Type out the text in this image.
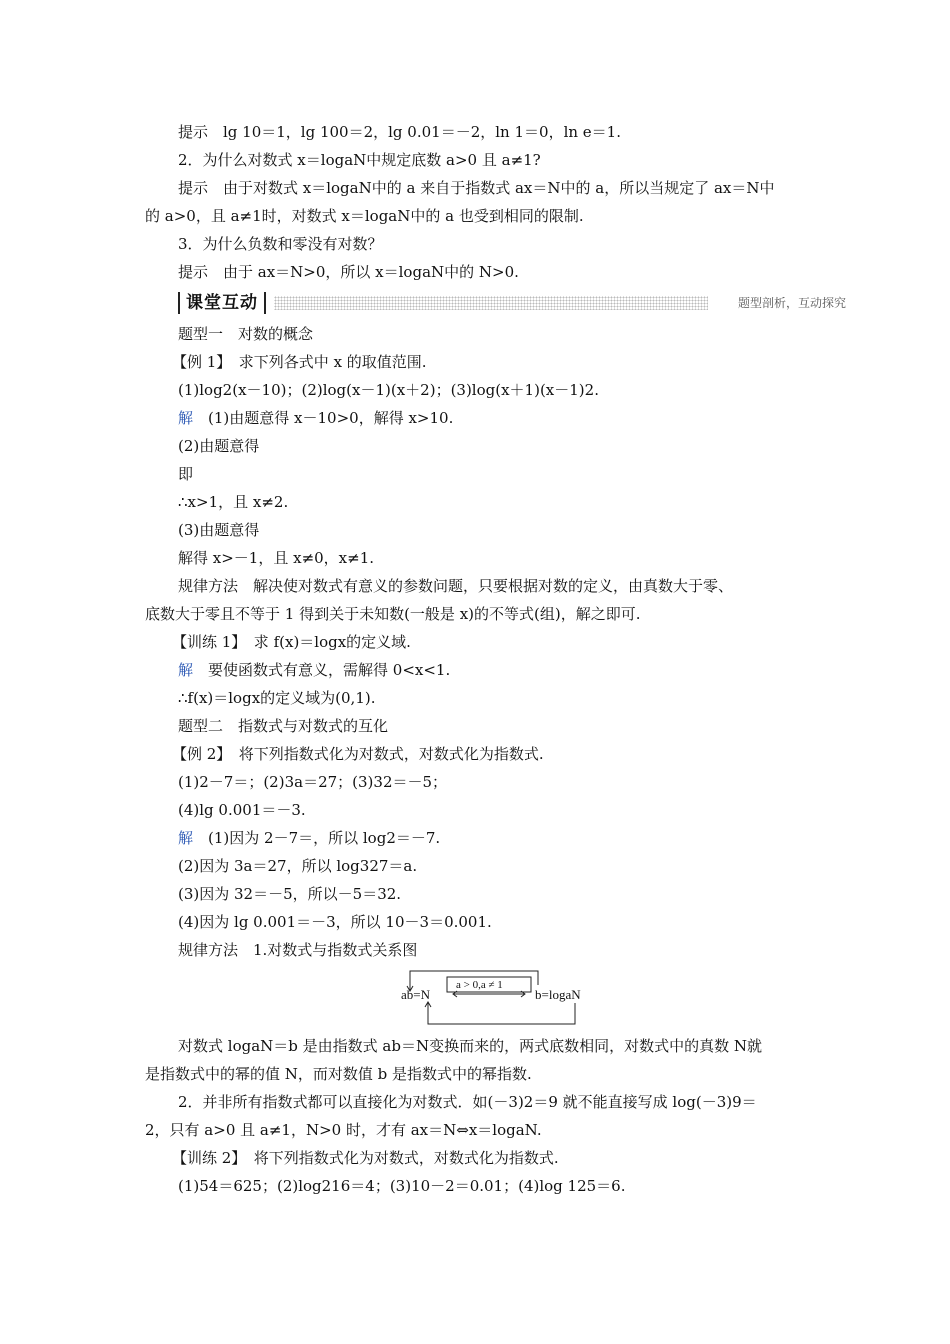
提示　lg 10＝1，lg 100＝2，lg 0.01＝－2，ln 1＝0，ln e＝1.
2．为什么对数式 x＝logaN中规定底数 a>0 且 a≠1?
提示　由于对数式 x＝logaN中的 a 来自于指数式 ax＝N中的 a，所以当规定了 ax＝N中
的 a>0，且 a≠1时，对数式 x＝logaN中的 a 也受到相同的限制.
3．为什么负数和零没有对数？
提示　由于 ax＝N>0，所以 x＝logaN中的 N>0.
课堂互动	题型剖析，互动探究
题型一　对数的概念
【例 1】　求下列各式中 x 的取值范围.
(1)log2(x－10)；(2)log(x－1)(x＋2)；(3)log(x＋1)(x－1)2.
解　(1)由题意得 x－10>0，解得 x>10.
(2)由题意得
即
∴x>1，且 x≠2.
(3)由题意得
解得 x>－1，且 x≠0，x≠1.
规律方法　解决使对数式有意义的参数问题，只要根据对数的定义，由真数大于零、
底数大于零且不等于 1 得到关于未知数(一般是 x)的不等式(组)，解之即可.
【训练 1】　求 f(x)＝logx的定义域.
解　要使函数式有意义，需解得 0<x<1.
∴f(x)＝logx的定义域为(0,1).
题型二　指数式与对数式的互化
【例 2】　将下列指数式化为对数式，对数式化为指数式.
(1)2－7＝；(2)3a＝27；(3)32＝－5；
(4)lg 0.001＝－3.
解　(1)因为 2－7＝，所以 log2＝－7.
(2)因为 3a＝27，所以 log327＝a.
(3)因为 32＝－5，所以－5＝32.
(4)因为 lg 0.001＝－3，所以 10－3＝0.001.
规律方法　1.对数式与指数式关系图
ab=N
a > 0,a ≠ 1
b=logaN
对数式 logaN＝b 是由指数式 ab＝N变换而来的，两式底数相同，对数式中的真数 N就
是指数式中的幂的值 N，而对数值 b 是指数式中的幂指数.
2．并非所有指数式都可以直接化为对数式．如(－3)2＝9 就不能直接写成 log(－3)9＝
2，只有 a>0 且 a≠1，N>0 时，才有 ax＝N⇔x＝logaN.
【训练 2】　将下列指数式化为对数式，对数式化为指数式.
(1)54＝625；(2)log216＝4；(3)10－2＝0.01；(4)log 125＝6.
